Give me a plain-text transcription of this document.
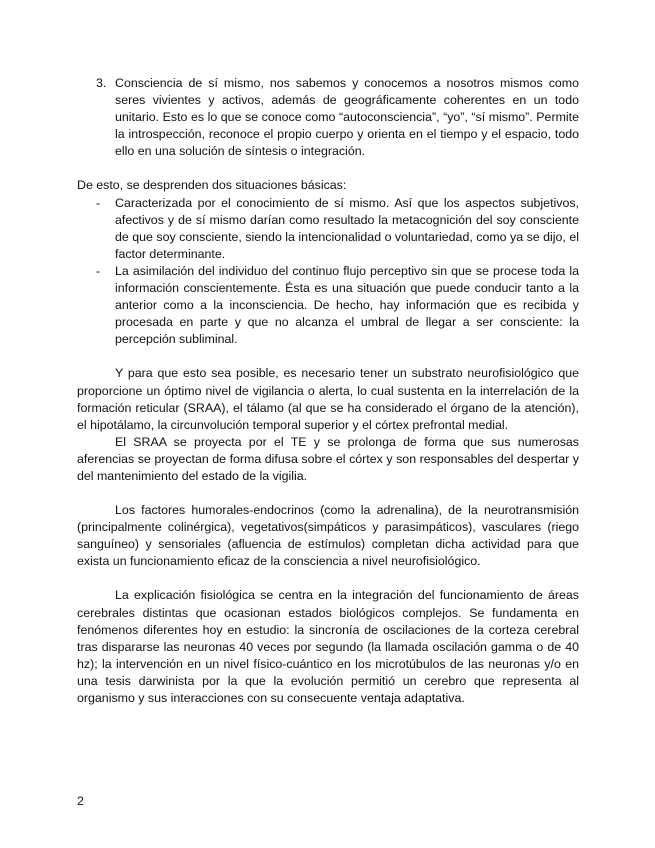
3. Consciencia de sí mismo, nos sabemos y conocemos a nosotros mismos como seres vivientes y activos, además de geográficamente coherentes en un todo unitario. Esto es lo que se conoce como “autoconsciencia”, “yo”, “sí mismo”. Permite la introspección, reconoce el propio cuerpo y orienta en el tiempo y el espacio, todo ello en una solución de síntesis o integración.

De esto, se desprenden dos situaciones básicas:

- Caracterizada por el conocimiento de sí mismo. Así que los aspectos subjetivos, afectivos y de sí mismo darían como resultado la metacognición del soy consciente de que soy consciente, siendo la intencionalidad o voluntariedad, como ya se dijo, el factor determinante.

- La asimilación del individuo del continuo flujo perceptivo sin que se procese toda la información conscientemente. Ésta es una situación que puede conducir tanto a la anterior como a la inconsciencia. De hecho, hay información que es recibida y procesada en parte y que no alcanza el umbral de llegar a ser consciente: la percepción subliminal.

Y para que esto sea posible, es necesario tener un substrato neurofisiológico que proporcione un óptimo nivel de vigilancia o alerta, lo cual sustenta en la interrelación de la formación reticular (SRAA), el tálamo (al que se ha considerado el órgano de la atención), el hipotálamo, la circunvolución temporal superior y el córtex prefrontal medial.

El SRAA se proyecta por el TE y se prolonga de forma que sus numerosas aferencias se proyectan de forma difusa sobre el córtex y son responsables del despertar y del mantenimiento del estado de la vigilia.

Los factores humorales-endocrinos (como la adrenalina), de la neurotransmisión (principalmente colinérgica), vegetativos(simpáticos y parasimpáticos), vasculares (riego sanguíneo) y sensoriales (afluencia de estímulos) completan dicha actividad para que exista un funcionamiento eficaz de la consciencia a nivel neurofisiológico.

La explicación fisiológica se centra en la integración del funcionamiento de áreas cerebrales distintas que ocasionan estados biológicos complejos. Se fundamenta en fenómenos diferentes hoy en estudio: la sincronía de oscilaciones de la corteza cerebral tras dispararse las neuronas 40 veces por segundo (la llamada oscilación gamma o de 40 hz); la intervención en un nivel físico-cuántico en los microtúbulos de las neuronas y/o en una tesis darwinista por la que la evolución permitió un cerebro que representa al organismo y sus interacciones con su consecuente ventaja adaptativa.

2
